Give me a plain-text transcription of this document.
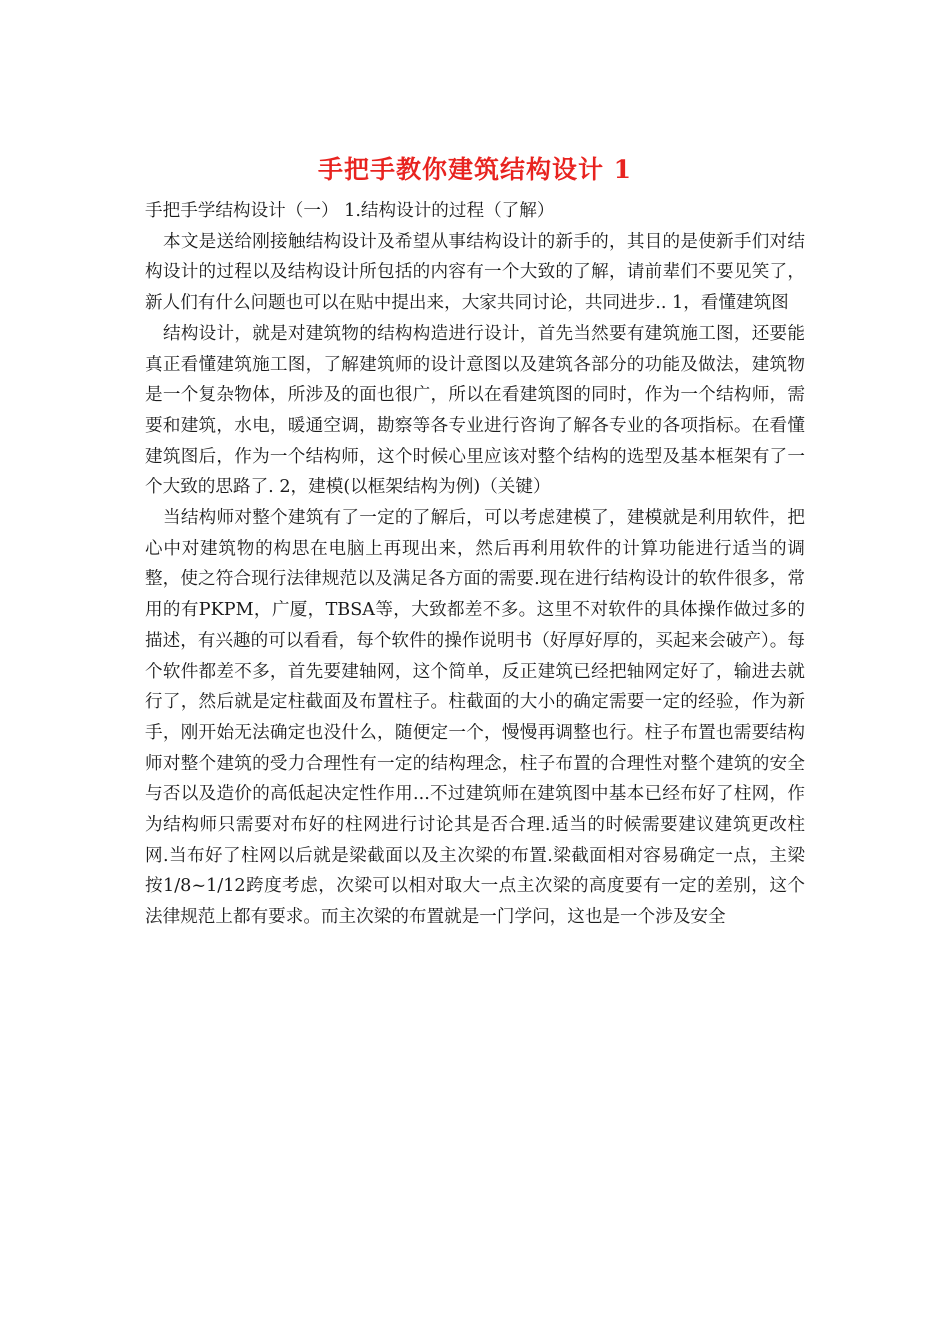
手把手教你建筑结构设计 1

手把手学结构设计（一） 1.结构设计的过程（了解）

本文是送给刚接触结构设计及希望从事结构设计的新手的，其目的是使新手们对结构设计的过程以及结构设计所包括的内容有一个大致的了解，请前辈们不要见笑了，新人们有什么问题也可以在贴中提出来，大家共同讨论，共同进步.. 1，看懂建筑图

结构设计，就是对建筑物的结构构造进行设计，首先当然要有建筑施工图，还要能真正看懂建筑施工图，了解建筑师的设计意图以及建筑各部分的功能及做法，建筑物是一个复杂物体，所涉及的面也很广，所以在看建筑图的同时，作为一个结构师，需要和建筑，水电，暖通空调，勘察等各专业进行咨询了解各专业的各项指标。在看懂建筑图后，作为一个结构师，这个时候心里应该对整个结构的选型及基本框架有了一个大致的思路了. 2，建模(以框架结构为例)（关键）

当结构师对整个建筑有了一定的了解后，可以考虑建模了，建模就是利用软件，把心中对建筑物的构思在电脑上再现出来，然后再利用软件的计算功能进行适当的调整，使之符合现行法律规范以及满足各方面的需要.现在进行结构设计的软件很多，常用的有PKPM，广厦，TBSA等，大致都差不多。这里不对软件的具体操作做过多的描述，有兴趣的可以看看，每个软件的操作说明书（好厚好厚的，买起来会破产）。每个软件都差不多，首先要建轴网，这个简单，反正建筑已经把轴网定好了，输进去就行了，然后就是定柱截面及布置柱子。柱截面的大小的确定需要一定的经验，作为新手，刚开始无法确定也没什么，随便定一个，慢慢再调整也行。柱子布置也需要结构师对整个建筑的受力合理性有一定的结构理念，柱子布置的合理性对整个建筑的安全与否以及造价的高低起决定性作用...不过建筑师在建筑图中基本已经布好了柱网，作为结构师只需要对布好的柱网进行讨论其是否合理.适当的时候需要建议建筑更改柱网.当布好了柱网以后就是梁截面以及主次梁的布置.梁截面相对容易确定一点，主梁按1/8~1/12跨度考虑，次梁可以相对取大一点主次梁的高度要有一定的差别，这个法律规范上都有要求。而主次梁的布置就是一门学问，这也是一个涉及安全
